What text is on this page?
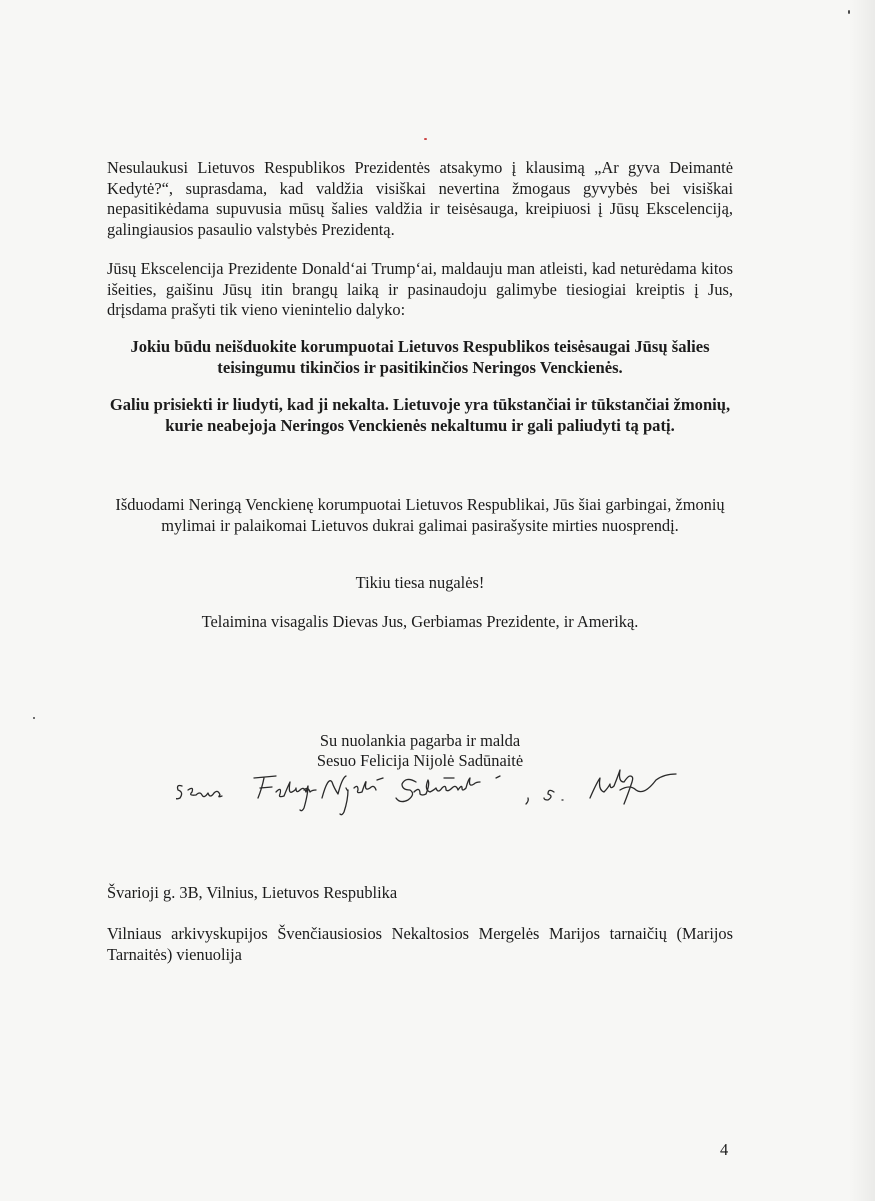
Nesulaukusi Lietuvos Respublikos Prezidentės atsakymo į klausimą „Ar gyva Deimantė Kedytė?“, suprasdama, kad valdžia visiškai nevertina žmogaus gyvybės bei visiškai nepasitikėdama supuvusia mūsų šalies valdžia ir teisėsauga, kreipiuosi į Jūsų Ekscelenciją, galingiausios pasaulio valstybės Prezidentą.

Jūsų Ekscelencija Prezidente Donald‘ai Trump‘ai, maldauju man atleisti, kad neturėdama kitos išeities, gaišinu Jūsų itin brangų laiką ir pasinaudoju galimybe tiesiogiai kreiptis į Jus, drįsdama prašyti tik vieno vienintelio dalyko:

Jokiu būdu neišduokite korumpuotai Lietuvos Respublikos teisėsaugai Jūsų šalies teisingumu tikinčios ir pasitikinčios Neringos Venckienės.

Galiu prisiekti ir liudyti, kad ji nekalta. Lietuvoje yra tūkstančiai ir tūkstančiai žmonių, kurie neabejoja Neringos Venckienės nekaltumu ir gali paliudyti tą patį.

Išduodami Neringą Venckienę korumpuotai Lietuvos Respublikai, Jūs šiai garbingai, žmonių mylimai ir palaikomai Lietuvos dukrai galimai pasirašysite mirties nuosprendį.

Tikiu tiesa nugalės!

Telaimina visagalis Dievas Jus, Gerbiamas Prezidente, ir Ameriką.

Su nuolankia pagarba ir malda

Sesuo Felicija Nijolė Sadūnaitė

Švarioji g. 3B, Vilnius, Lietuvos Respublika

Vilniaus arkivyskupijos Švenčiausiosios Nekaltosios Mergelės Marijos tarnaičių (Marijos Tarnaitės) vienuolija

4
